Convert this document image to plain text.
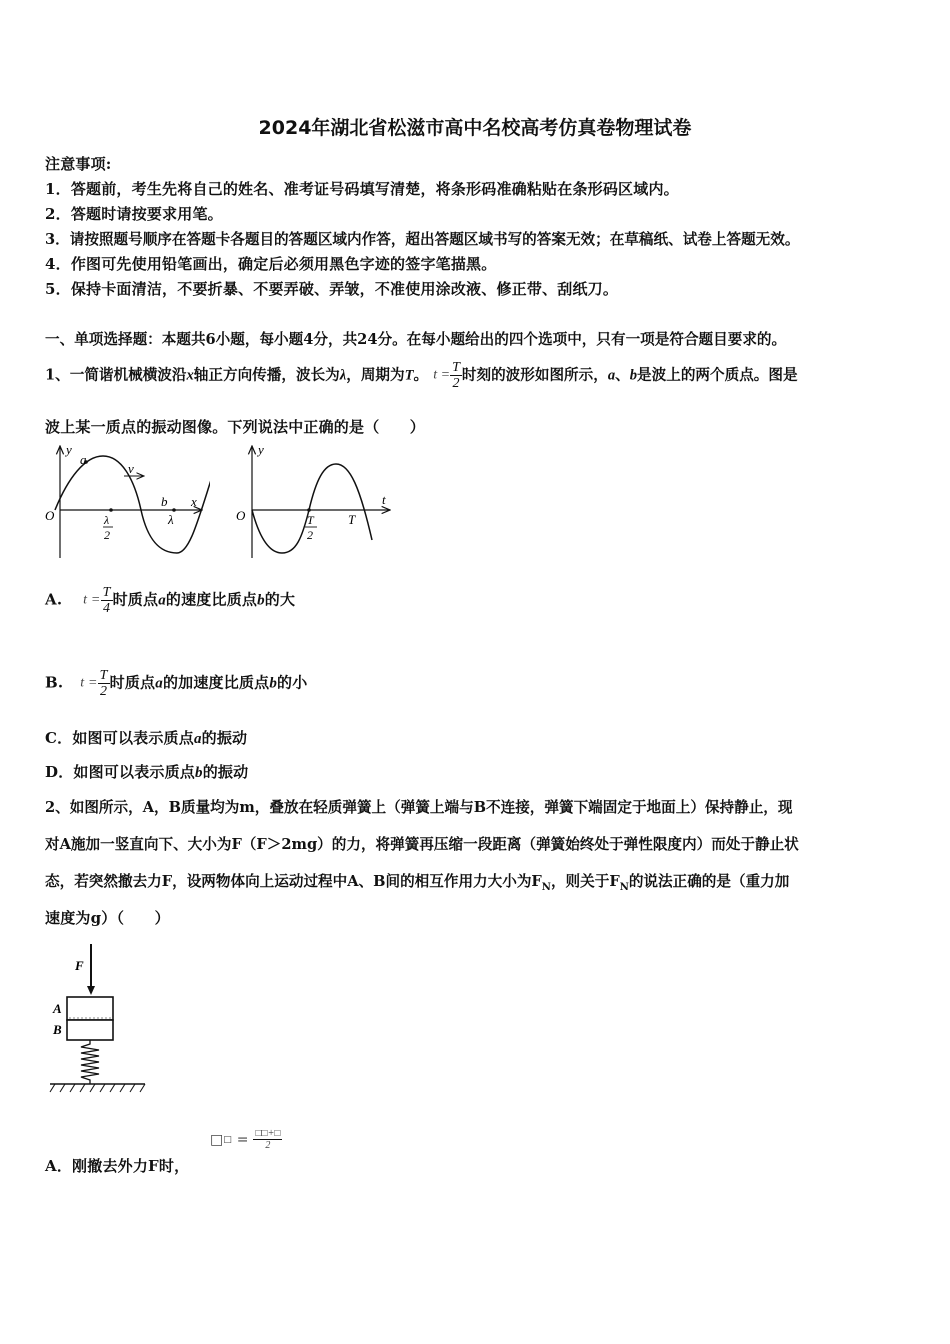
2024年湖北省松滋市高中名校高考仿真卷物理试卷
注意事项:
1．答题前，考生先将自己的姓名、准考证号码填写清楚，将条形码准确粘贴在条形码区域内。
2．答题时请按要求用笔。
3．请按照题号顺序在答题卡各题目的答题区域内作答，超出答题区域书写的答案无效；在草稿纸、试卷上答题无效。
4．作图可先使用铅笔画出，确定后必须用黑色字迹的签字笔描黑。
5．保持卡面清洁，不要折暴、不要弄破、弄皱，不准使用涂改液、修正带、刮纸刀。
一、单项选择题：本题共6小题，每小题4分，共24分。在每小题给出的四个选项中，只有一项是符合题目要求的。
1、一简谐机械横波沿x轴正方向传播，波长为λ，周期为T。 $t = \frac{T}{2}$ 时刻的波形如图所示，a、b是波上的两个质点。图是
波上某一质点的振动图像。下列说法中正确的是（　　）
y
a
v
b x
O	λ
2
λ
y
t
O	T
2
T
A. $t = \frac{T}{4}$ 时质点a的速度比质点b的大
B. $t = \frac{T}{2}$ 时质点a的加速度比质点b的小
C．如图可以表示质点a的振动
D．如图可以表示质点b的振动
2、如图所示，A，B质量均为m，叠放在轻质弹簧上（弹簧上端与B不连接，弹簧下端固定于地面上）保持静止，现
对A施加一竖直向下、大小为F（F＞2mg）的力，将弹簧再压缩一段距离（弹簧始终处于弹性限度内）而处于静止状
态，若突然撤去力F，设两物体向上运动过程中A、B间的相互作用力大小为$F_N$，则关于$F_N$的说法正确的是（重力加
速度为g）（　　）
F
A
B
A．刚撤去外力F时，
□ □ = $\frac{□□+□}{2}$
